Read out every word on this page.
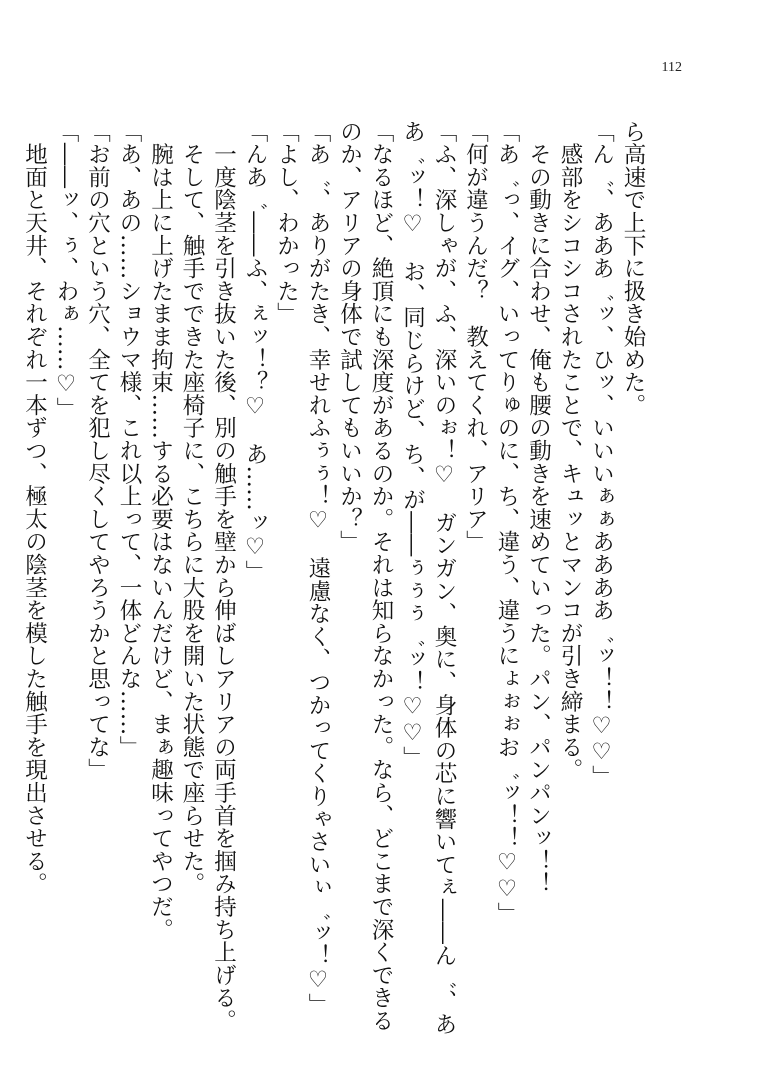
112

ら高速で上下に扱き始めた。

「ん゛、あああ゛ッ、ひッ、いいいぁぁああああ゛ッ！！♡♡」

　感部をシコシコされたことで、キュッとマンコが引き締まる。

　その動きに合わせ、俺も腰の動きを速めていった。パン、パンパンッ！！

「あ゛っ、イグ、いってりゅのに、ち、違う、違うにょぉぉお゛ッ！！♡♡」

「何が違うんだ？　教えてくれ、アリア」

「ふ、深しゃが、ふ、深いのぉ！♡　ガンガン、奥に、身体の芯に響いてぇ――ん゛、あ

あ゛ッ！♡　お、同じらけど、ち、が――ぅぅぅ゛ッ！♡♡」

「なるほど、絶頂にも深度があるのか。それは知らなかった。なら、どこまで深くできる

のか、アリアの身体で試してもいいか？」

「あ゛、ありがたき、幸せれふぅぅ！♡　遠慮なく、つかってくりゃさいぃ゛ッ！♡」

「よし、わかった」

「んあ゛――ふ、ぇッ！？♡　あ……ッ♡」

　一度陰茎を引き抜いた後、別の触手を壁から伸ばしアリアの両手首を掴み持ち上げる。

　そして、触手でできた座椅子に、こちらに大股を開いた状態で座らせた。

　腕は上に上げたまま拘束……する必要はないんだけど、まぁ趣味ってやつだ。

「あ、あの……ショウマ様、これ以上って、一体どんな……」

「お前の穴という穴、全てを犯し尽くしてやろうかと思ってな」

「――ッ、ぅ、わぁ……♡」

　地面と天井、それぞれ一本ずつ、極太の陰茎を模した触手を現出させる。
